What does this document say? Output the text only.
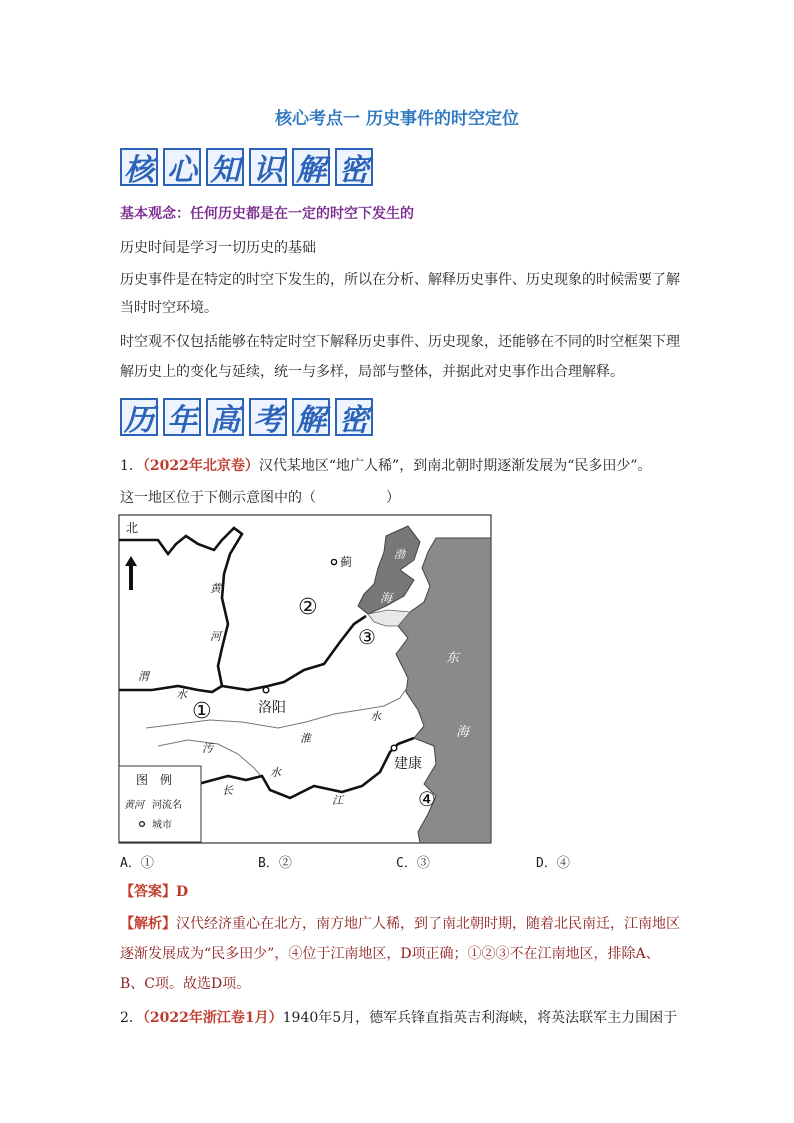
核心考点一 历史事件的时空定位
核 心 知 识 解 密
基本观念：任何历史都是在一定的时空下发生的
历史时间是学习一切历史的基础
历史事件是在特定的时空下发生的，所以在分析、解释历史事件、历史现象的时候需要了解
当时时空环境。
时空观不仅包括能够在特定时空下解释历史事件、历史现象，还能够在不同的时空框架下理
解历史上的变化与延续，统一与多样，局部与整体，并据此对史事作出合理解释。
历 年 高 考 解 密
1．（2022年北京卷）汉代某地区“地广人稀”，到南北朝时期逐渐发展为“民多田少”。
这一地区位于下侧示意图中的（　　　　　）
北
蓟
渤
海
东
海
黄
河
渭
水
洛阳
淮
水
汚
水
长
江
建康
①
②
③
④
图　例
黄河 河流名
城市
A．①	B．②	C．③	D．④
【答案】D
【解析】汉代经济重心在北方，南方地广人稀，到了南北朝时期，随着北民南迁，江南地区
逐渐发展成为“民多田少”，④位于江南地区，D项正确；①②③不在江南地区，排除A、
B、C项。故选D项。
2．（2022年浙江卷1月）1940年5月，德军兵锋直指英吉利海峡，将英法联军主力围困于
